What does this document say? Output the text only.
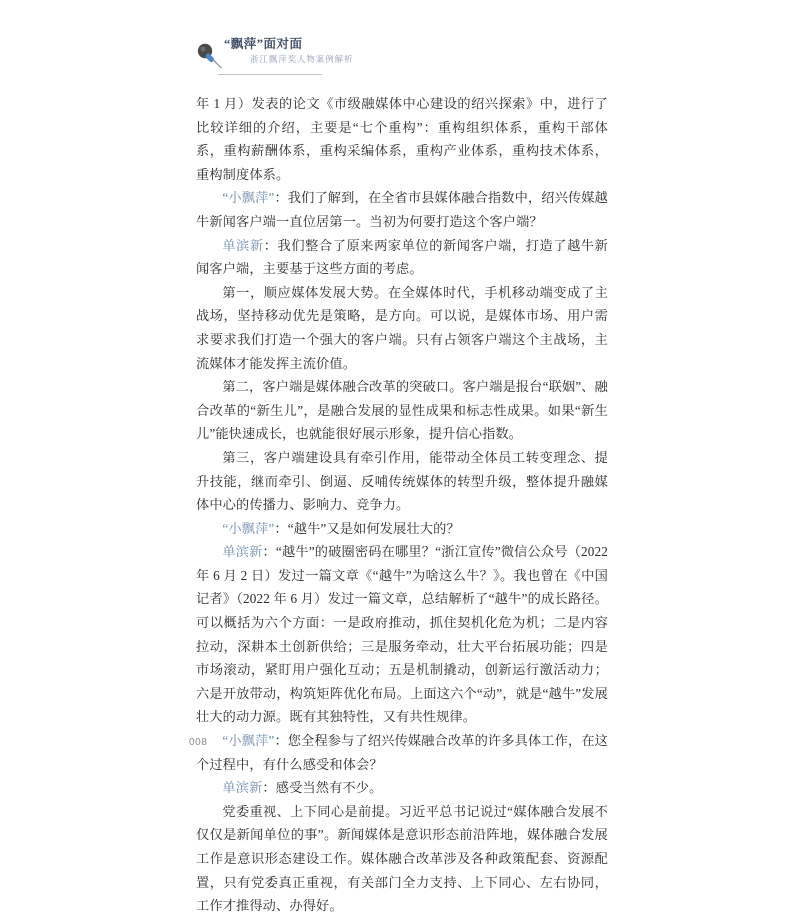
“飘萍”面对面
浙江飘萍奖人物案例解析

年 1 月）发表的论文《市级融媒体中心建设的绍兴探索》中，进行了比较详细的介绍，主要是“七个重构”：重构组织体系，重构干部体系，重构薪酬体系，重构采编体系，重构产业体系，重构技术体系，重构制度体系。

“小飘萍”：我们了解到，在全省市县媒体融合指数中，绍兴传媒越牛新闻客户端一直位居第一。当初为何要打造这个客户端？

单滨新：我们整合了原来两家单位的新闻客户端，打造了越牛新闻客户端，主要基于这些方面的考虑。

第一，顺应媒体发展大势。在全媒体时代，手机移动端变成了主战场，坚持移动优先是策略，是方向。可以说，是媒体市场、用户需求要求我们打造一个强大的客户端。只有占领客户端这个主战场，主流媒体才能发挥主流价值。

第二，客户端是媒体融合改革的突破口。客户端是报台“联姻”、融合改革的“新生儿”，是融合发展的显性成果和标志性成果。如果“新生儿”能快速成长，也就能很好展示形象，提升信心指数。

第三，客户端建设具有牵引作用，能带动全体员工转变理念、提升技能，继而牵引、倒逼、反哺传统媒体的转型升级，整体提升融媒体中心的传播力、影响力、竞争力。

“小飘萍”：“越牛”又是如何发展壮大的？

单滨新：“越牛”的破圈密码在哪里？“浙江宣传”微信公众号（2022 年 6 月 2 日）发过一篇文章《“越牛”为啥这么牛？》。我也曾在《中国记者》（2022 年 6 月）发过一篇文章，总结解析了“越牛”的成长路径。可以概括为六个方面：一是政府推动，抓住契机化危为机；二是内容拉动，深耕本土创新供给；三是服务牵动，壮大平台拓展功能；四是市场滚动，紧盯用户强化互动；五是机制撬动，创新运行激活动力；六是开放带动，构筑矩阵优化布局。上面这六个“动”，就是“越牛”发展壮大的动力源。既有其独特性，又有共性规律。

“小飘萍”：您全程参与了绍兴传媒融合改革的许多具体工作，在这个过程中，有什么感受和体会？

单滨新：感受当然有不少。

党委重视、上下同心是前提。习近平总书记说过“媒体融合发展不仅仅是新闻单位的事”。新闻媒体是意识形态前沿阵地，媒体融合发展工作是意识形态建设工作。媒体融合改革涉及各种政策配套、资源配置，只有党委真正重视，有关部门全力支持、上下同心、左右协同，工作才推得动、办得好。

008
